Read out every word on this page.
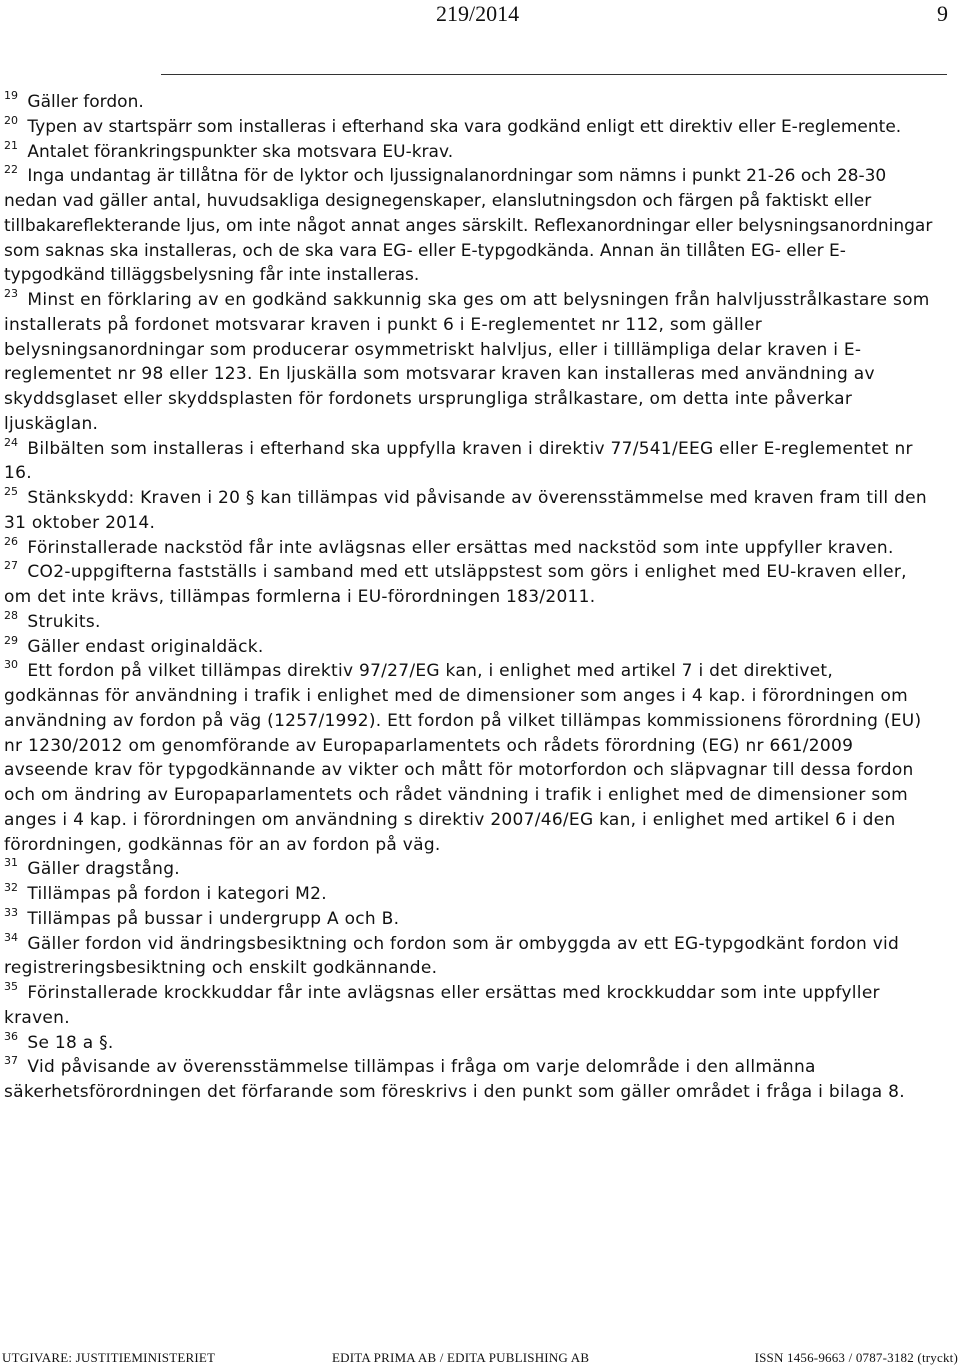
219/2014	9

19 Gäller fordon.

20 Typen av startspärr som installeras i efterhand ska vara godkänd enligt ett direktiv eller E-reglemente.

21 Antalet förankringspunkter ska motsvara EU-krav.

22 Inga undantag är tillåtna för de lyktor och ljussignalanordningar som nämns i punkt 21-26 och 28-30 nedan vad gäller antal, huvudsakliga designegenskaper, elanslutningsdon och färgen på faktiskt eller tillbakareflekterande ljus, om inte något annat anges särskilt. Reflexanordningar eller belysningsanordningar som saknas ska installeras, och de ska vara EG- eller E-typgodkända. Annan än tillåten EG- eller E-typgodkänd tilläggsbelysning får inte installeras.

23 Minst en förklaring av en godkänd sakkunnig ska ges om att belysningen från halvljusstrålkastare som installerats på fordonet motsvarar kraven i punkt 6 i E-reglementet nr 112, som gäller belysningsanordningar som producerar osymmetriskt halvljus, eller i tilllämpliga delar kraven i E-reglementet nr 98 eller 123. En ljuskälla som motsvarar kraven kan installeras med användning av skyddsglaset eller skyddsplasten för fordonets ursprungliga strålkastare, om detta inte påverkar ljuskäglan.

24 Bilbälten som installeras i efterhand ska uppfylla kraven i direktiv 77/541/EEG eller E-reglementet nr 16.

25 Stänkskydd: Kraven i 20 § kan tillämpas vid påvisande av överensstämmelse med kraven fram till den 31 oktober 2014.

26 Förinstallerade nackstöd får inte avlägsnas eller ersättas med nackstöd som inte uppfyller kraven.

27 CO2-uppgifterna fastställs i samband med ett utsläppstest som görs i enlighet med EU-kraven eller, om det inte krävs, tillämpas formlerna i EU-förordningen 183/2011.

28 Strukits.

29 Gäller endast originaldäck.

30 Ett fordon på vilket tillämpas direktiv 97/27/EG kan, i enlighet med artikel 7 i det direktivet, godkännas för användning i trafik i enlighet med de dimensioner som anges i 4 kap. i förordningen om användning av fordon på väg (1257/1992). Ett fordon på vilket tillämpas kommissionens förordning (EU) nr 1230/2012 om genomförande av Europaparlamentets och rådets förordning (EG) nr 661/2009 avseende krav för typgodkännande av vikter och mått för motorfordon och släpvagnar till dessa fordon och om ändring av Europaparlamentets och rådet vändning i trafik i enlighet med de dimensioner som anges i 4 kap. i förordningen om användning s direktiv 2007/46/EG kan, i enlighet med artikel 6 i den förordningen, godkännas för an av fordon på väg.

31 Gäller dragstång.

32 Tillämpas på fordon i kategori M2.

33 Tillämpas på bussar i undergrupp A och B.

34 Gäller fordon vid ändringsbesiktning och fordon som är ombyggda av ett EG-typgodkänt fordon vid registreringsbesiktning och enskilt godkännande.

35 Förinstallerade krockkuddar får inte avlägsnas eller ersättas med krockkuddar som inte uppfyller kraven.

36 Se 18 a §.

37 Vid påvisande av överensstämmelse tillämpas i fråga om varje delområde i den allmänna säkerhetsförordningen det förfarande som föreskrivs i den punkt som gäller området i fråga i bilaga 8.

UTGIVARE: JUSTITIEMINISTERIET	EDITA PRIMA AB / EDITA PUBLISHING AB	ISSN 1456-9663 / 0787-3182 (tryckt)
